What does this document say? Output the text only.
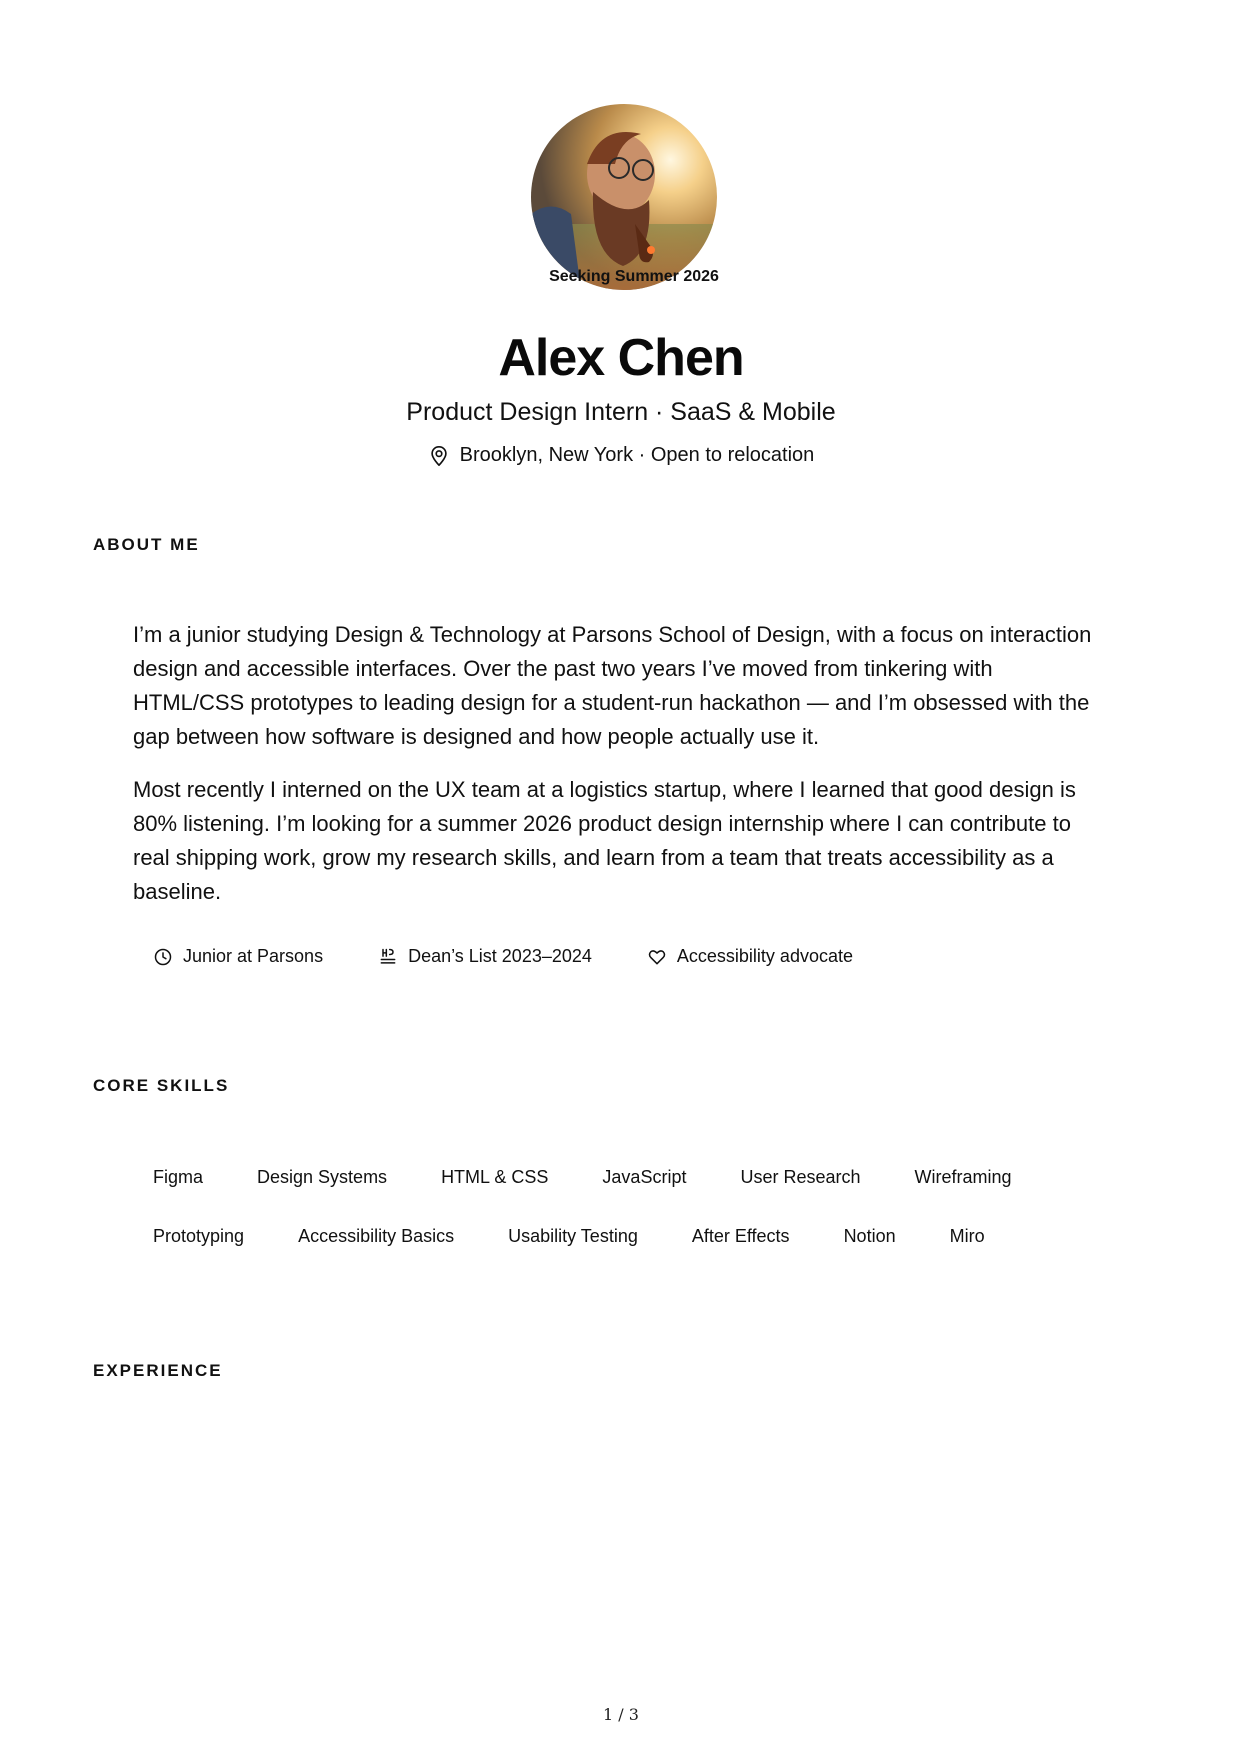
Seeking Summer 2026
Alex Chen
Product Design Intern · SaaS & Mobile
Brooklyn, New York · Open to relocation
ABOUT ME

I’m a junior studying Design & Technology at Parsons School of Design, with a focus on interaction design and accessible interfaces. Over the past two years I’ve moved from tinkering with HTML/CSS prototypes to leading design for a student-run hackathon — and I’m obsessed with the gap between how software is designed and how people actually use it.

Most recently I interned on the UX team at a logistics startup, where I learned that good design is 80% listening. I’m looking for a summer 2026 product design internship where I can contribute to real shipping work, grow my research skills, and learn from a team that treats accessibility as a baseline.

Junior at Parsons	Dean’s List 2023–2024	Accessibility advocate
CORE SKILLS
Figma	Design Systems	HTML & CSS	JavaScript	User Research	Wireframing
Prototyping	Accessibility Basics	Usability Testing	After Effects	Notion	Miro
EXPERIENCE
1 / 3
